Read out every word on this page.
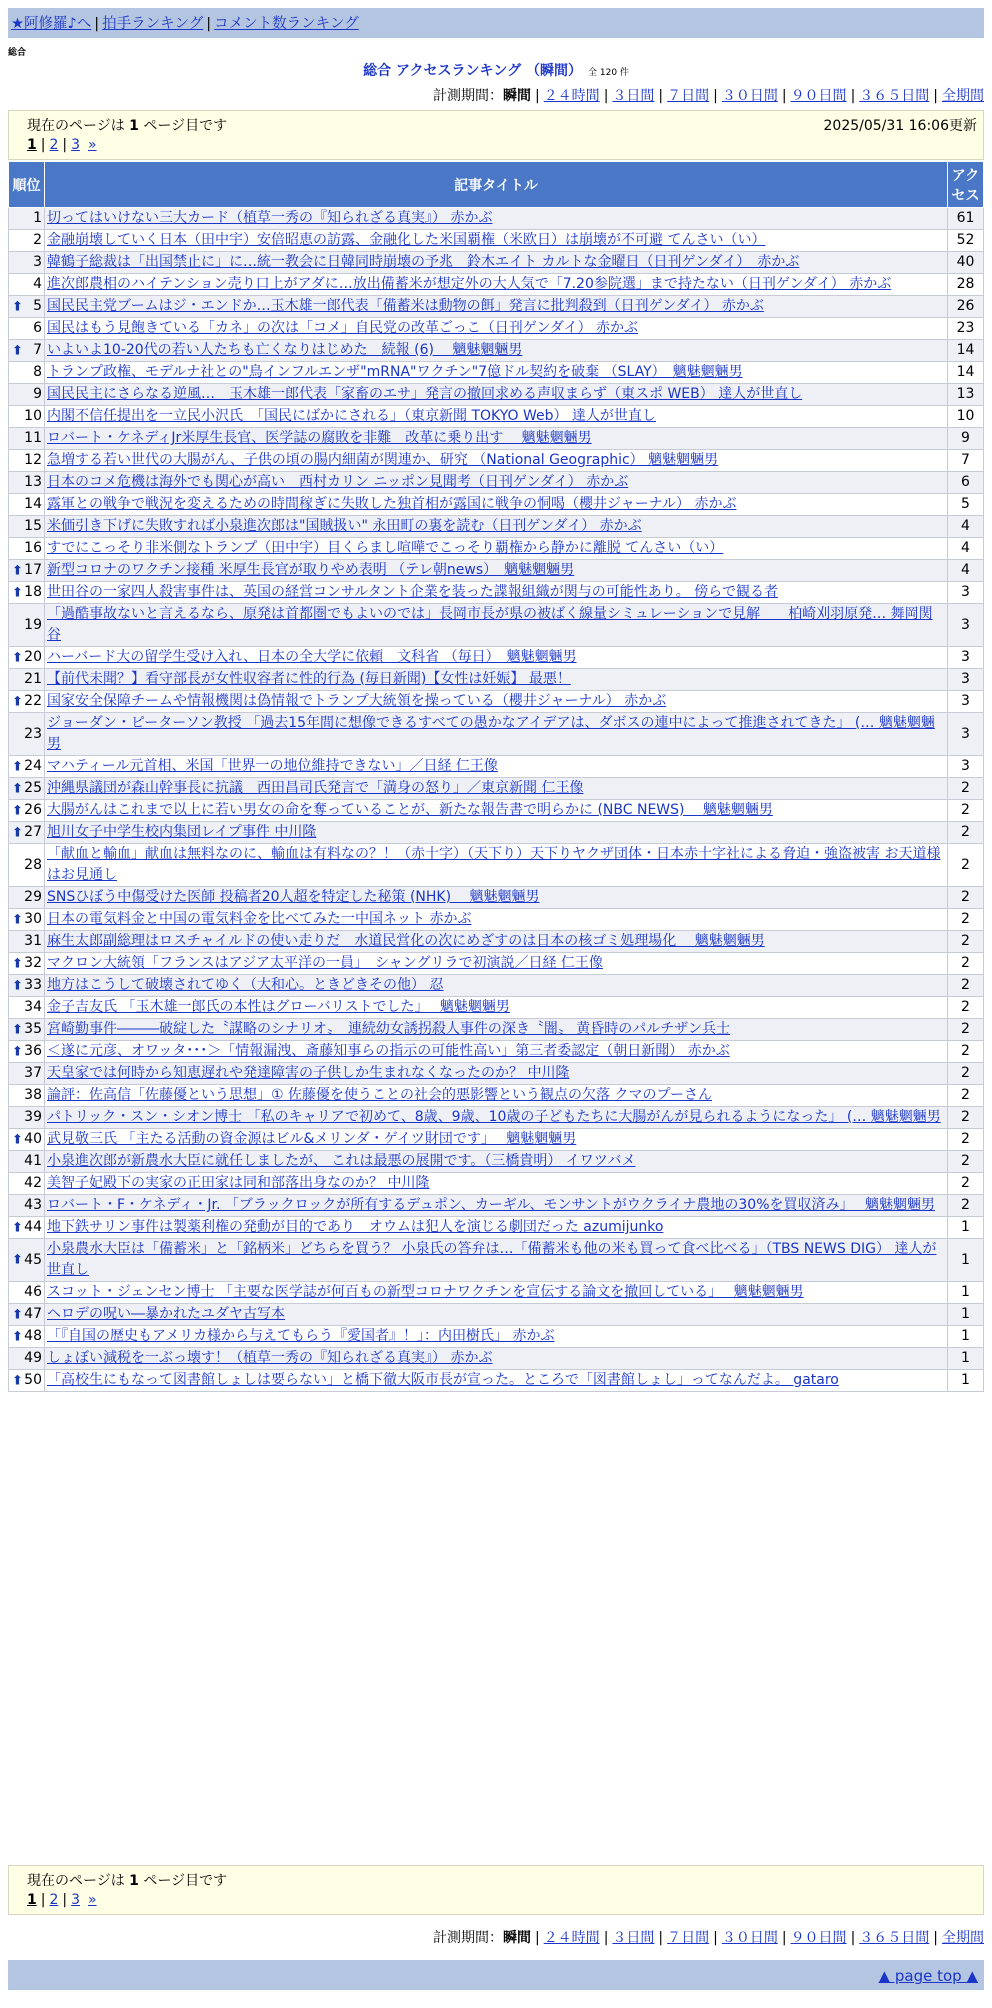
★阿修羅♪へ | 拍手ランキング | コメント数ランキング
総合
総合 アクセスランキング （瞬間） 全 120 件
計測期間：瞬間 | ２４時間 | ３日間 | ７日間 | ３０日間 | ９０日間 | ３６５日間 | 全期間
現在のページは 1 ページ目です	2025/05/31 16:06更新
1 | 2 | 3 »
順位	記事タイトル	アクセス
1	切ってはいけない三大カード（植草一秀の『知られざる真実』） 赤かぶ	61
2	金融崩壊していく日本（田中宇）安倍昭恵の訪露、金融化した米国覇権（米欧日）は崩壊が不可避 てんさい（い）	52
3	韓鶴子総裁は「出国禁止に」に…統一教会に日韓同時崩壊の予兆　鈴木エイト カルトな金曜日（日刊ゲンダイ）　赤かぶ	40
4	進次郎農相のハイテンション売り口上がアダに…放出備蓄米が想定外の大人気で「7.20参院選」まで持たない（日刊ゲンダイ） 赤かぶ	28

⬆ 5	国民民主党ブームはジ・エンドか…玉木雄一郎代表「備蓄米は動物の餌」発言に批判殺到（日刊ゲンダイ） 赤かぶ	26
6	国民はもう見飽きている「カネ」の次は「コメ」自民党の改革ごっこ（日刊ゲンダイ） 赤かぶ	23

⬆ 7	いよいよ10-20代の若い人たちも亡くなりはじめた　続報 (6)　 魑魅魍魎男	14
8	トランプ政権、モデルナ社との"鳥インフルエンザ"mRNA"ワクチン"7億ドル契約を破棄 （SLAY）　魑魅魍魎男	14
9	国民民主にさらなる逆風…　玉木雄一郎代表「家畜のエサ」発言の撤回求める声収まらず（東スポ WEB） 達人が世直し	13
10	内閣不信任提出を一立民小沢氏　「国民にばかにされる」（東京新聞 TOKYO Web） 達人が世直し	10
11	ロバート・ケネディJr米厚生長官、医学誌の腐敗を非難　改革に乗り出す　 魑魅魍魎男	9
12	急増する若い世代の大腸がん、子供の頃の腸内細菌が関連か、研究 （National Geographic） 魑魅魍魎男	7
13	日本のコメ危機は海外でも関心が高い　西村カリン ニッポン見聞考（日刊ゲンダイ） 赤かぶ	6
14	露軍との戦争で戦況を変えるための時間稼ぎに失敗した独首相が露国に戦争の恫喝（櫻井ジャーナル） 赤かぶ	5
15	米価引き下げに失敗すれば小泉進次郎は"国賊扱い" 永田町の裏を読む（日刊ゲンダイ） 赤かぶ	4
16	すでにこっそり非米側なトランプ（田中宇）目くらまし喧嘩でこっそり覇権から静かに離脱 てんさい（い）	4

⬆ 17	新型コロナのワクチン接種 米厚生長官が取りやめ表明 （テレ朝news）　魑魅魍魎男	4

⬆ 18	世田谷の一家四人殺害事件は、英国の経営コンサルタント企業を装った諜報組織が関与の可能性あり。 傍らで観る者	3
19	「過酷事故ないと言えるなら、原発は首都圏でもよいのでは」長岡市長が県の被ばく線量シミュレーションで見解　　柏崎刈羽原発… 舞岡関谷	3

⬆ 20	ハーバード大の留学生受け入れ、日本の全大学に依頼　文科省 （毎日）　魑魅魍魎男	3
21	【前代未聞？】看守部長が女性収容者に性的行為 (毎日新聞)【女性は妊娠】 最悪！	3

⬆ 22	国家安全保障チームや情報機関は偽情報でトランプ大統領を操っている（櫻井ジャーナル） 赤かぶ	3
23	ジョーダン・ピーターソン教授 「過去15年間に想像できるすべての愚かなアイデアは、ダボスの連中によって推進されてきた」 (… 魑魅魍魎男	3

⬆ 24	マハティール元首相、米国「世界一の地位維持できない」／日経 仁王像	3

⬆ 25	沖縄県議団が森山幹事長に抗議　西田昌司氏発言で「満身の怒り」／東京新聞 仁王像	2

⬆ 26	大腸がんはこれまで以上に若い男女の命を奪っていることが、新たな報告書で明らかに (NBC NEWS)　 魑魅魍魎男	2

⬆ 27	旭川女子中学生校内集団レイプ事件 中川隆	2
28	「献血と輸血」献血は無料なのに、輸血は有料なの？！（赤十字）（天下り）天下りヤクザ団体・日本赤十字社による脅迫・強盗被害 お天道様はお見通し	2
29	SNSひぼう中傷受けた医師 投稿者20人超を特定した秘策 (NHK)　 魑魅魍魎男	2

⬆ 30	日本の電気料金と中国の電気料金を比べてみた一中国ネット 赤かぶ	2
31	麻生太郎副総理はロスチャイルドの使い走りだ　水道民営化の次にめざすのは日本の核ゴミ処理場化　 魑魅魍魎男	2

⬆ 32	マクロン大統領「フランスはアジア太平洋の一員」　シャングリラで初演説／日経 仁王像	2

⬆ 33	地方はこうして破壊されてゆく（大和心。ときどきその他） 忍	2
34	金子吉友氏 「玉木雄一郎氏の本性はグローバリストでした」　 魑魅魍魎男	2

⬆ 35	宮崎勤事件―――破綻した〝謀略のシナリオ〟　連続幼女誘拐殺人事件の深き〝闇〟 黄昏時のパルチザン兵士	2

⬆ 36	＜遂に元彦、オワッタ･･･＞「情報漏洩、斎藤知事らの指示の可能性高い」第三者委認定（朝日新聞） 赤かぶ	2
37	天皇家では何時から知恵遅れや発達障害の子供しか生まれなくなったのか？ 中川隆	2
38	論評：佐高信「佐藤優という思想」① 佐藤優を使うことの社会的悪影響という観点の欠落 クマのプーさん	2
39	パトリック・スン・シオン博士 「私のキャリアで初めて、8歳、9歳、10歳の子どもたちに大腸がんが見られるようになった」 (… 魑魅魍魎男	2

⬆ 40	武見敬三氏 「主たる活動の資金源はビル&メリンダ・ゲイツ財団です」　 魑魅魍魎男	2
41	小泉進次郎が新農水大臣に就任しましたが、 これは最悪の展開です。（三橋貴明） イワツバメ	2
42	美智子妃殿下の実家の正田家は同和部落出身なのか？ 中川隆	2
43	ロバート・F・ケネディ・Jr. 「ブラックロックが所有するデュポン、カーギル、モンサントがウクライナ農地の30%を買収済み」　 魑魅魍魎男	2

⬆ 44	地下鉄サリン事件は製薬利権の発動が目的であり　オウムは犯人を演じる劇団だった azumijunko	1

⬆ 45	小泉農水大臣は「備蓄米」と「銘柄米」どちらを買う？ 小泉氏の答弁は…「備蓄米も他の米も買って食べ比べる」（TBS NEWS DIG） 達人が世直し	1
46	スコット・ジェンセン博士 「主要な医学誌が何百もの新型コロナワクチンを宣伝する論文を撤回している」　 魑魅魍魎男	1

⬆ 47	ヘロデの呪い―暴かれたユダヤ古写本	1

⬆ 48	「『自国の歴史もアメリカ様から与えてもらう『愛国者』！」：内田樹氏」 赤かぶ	1
49	しょぼい減税を一ぶっ壊す！（植草一秀の『知られざる真実』） 赤かぶ	1

⬆ 50	「高校生にもなって図書館しょしは要らない」と橋下徹大阪市長が宣った。ところで「図書館しょし」ってなんだよ。 gataro	1
現在のページは 1 ページ目です
1 | 2 | 3 »
計測期間：瞬間 | ２４時間 | ３日間 | ７日間 | ３０日間 | ９０日間 | ３６５日間 | 全期間
▲ page top ▲
